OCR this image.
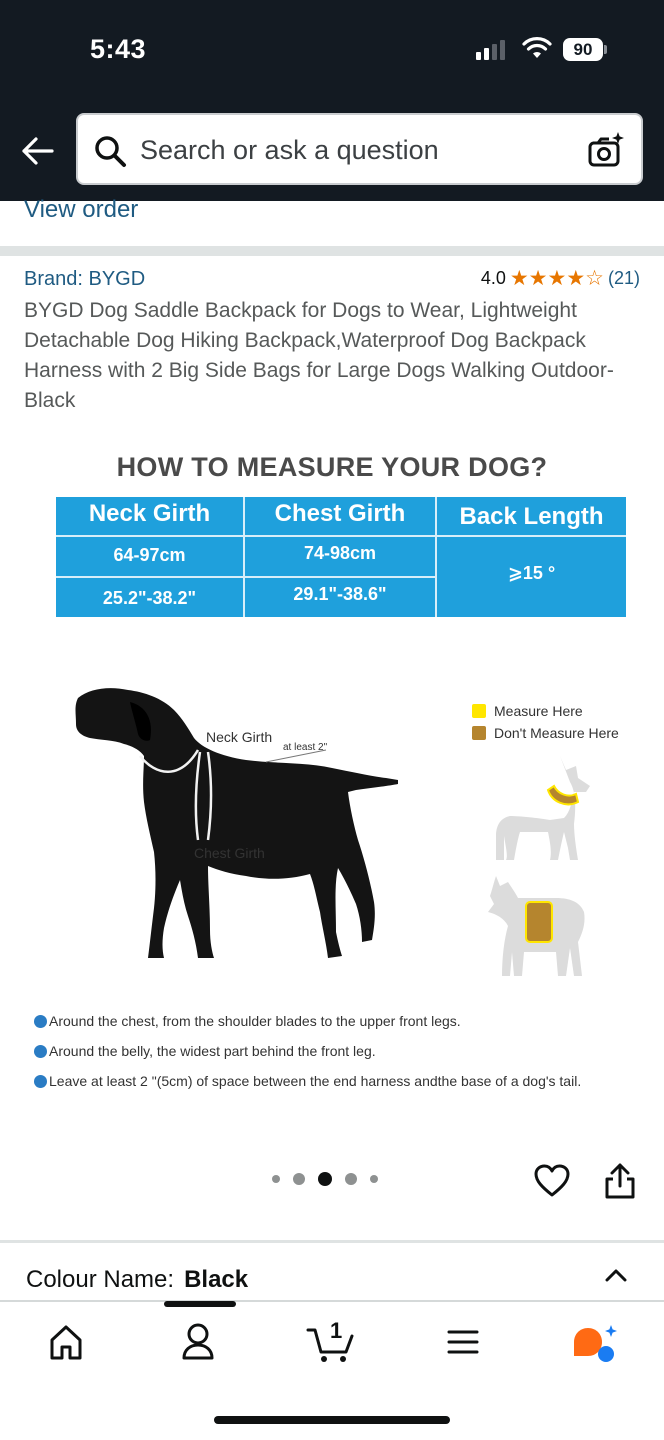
5:43	90
Search or ask a question
View order
Brand: BYGD	4.0 ★★★★☆ (21)
BYGD Dog Saddle Backpack for Dogs to Wear, Lightweight Detachable Dog Hiking Backpack,Waterproof Dog Backpack Harness with 2 Big Side Bags for Large Dogs Walking Outdoor-Black
HOW TO MEASURE YOUR DOG?
Neck Girth	Chest Girth	Back Length
64-97cm	74-98cm
25.2"-38.2"	29.1"-38.6"
⩾15 °
Neck Girth
Chest Girth
at least 2"
Measure Here
Don't Measure Here
Around the chest, from the shoulder blades to the upper front legs.
Around the belly, the widest part behind the front leg.
Leave at least 2 "(5cm) of space between the end harness andthe base of a dog's tail.
Colour Name: Black
1
